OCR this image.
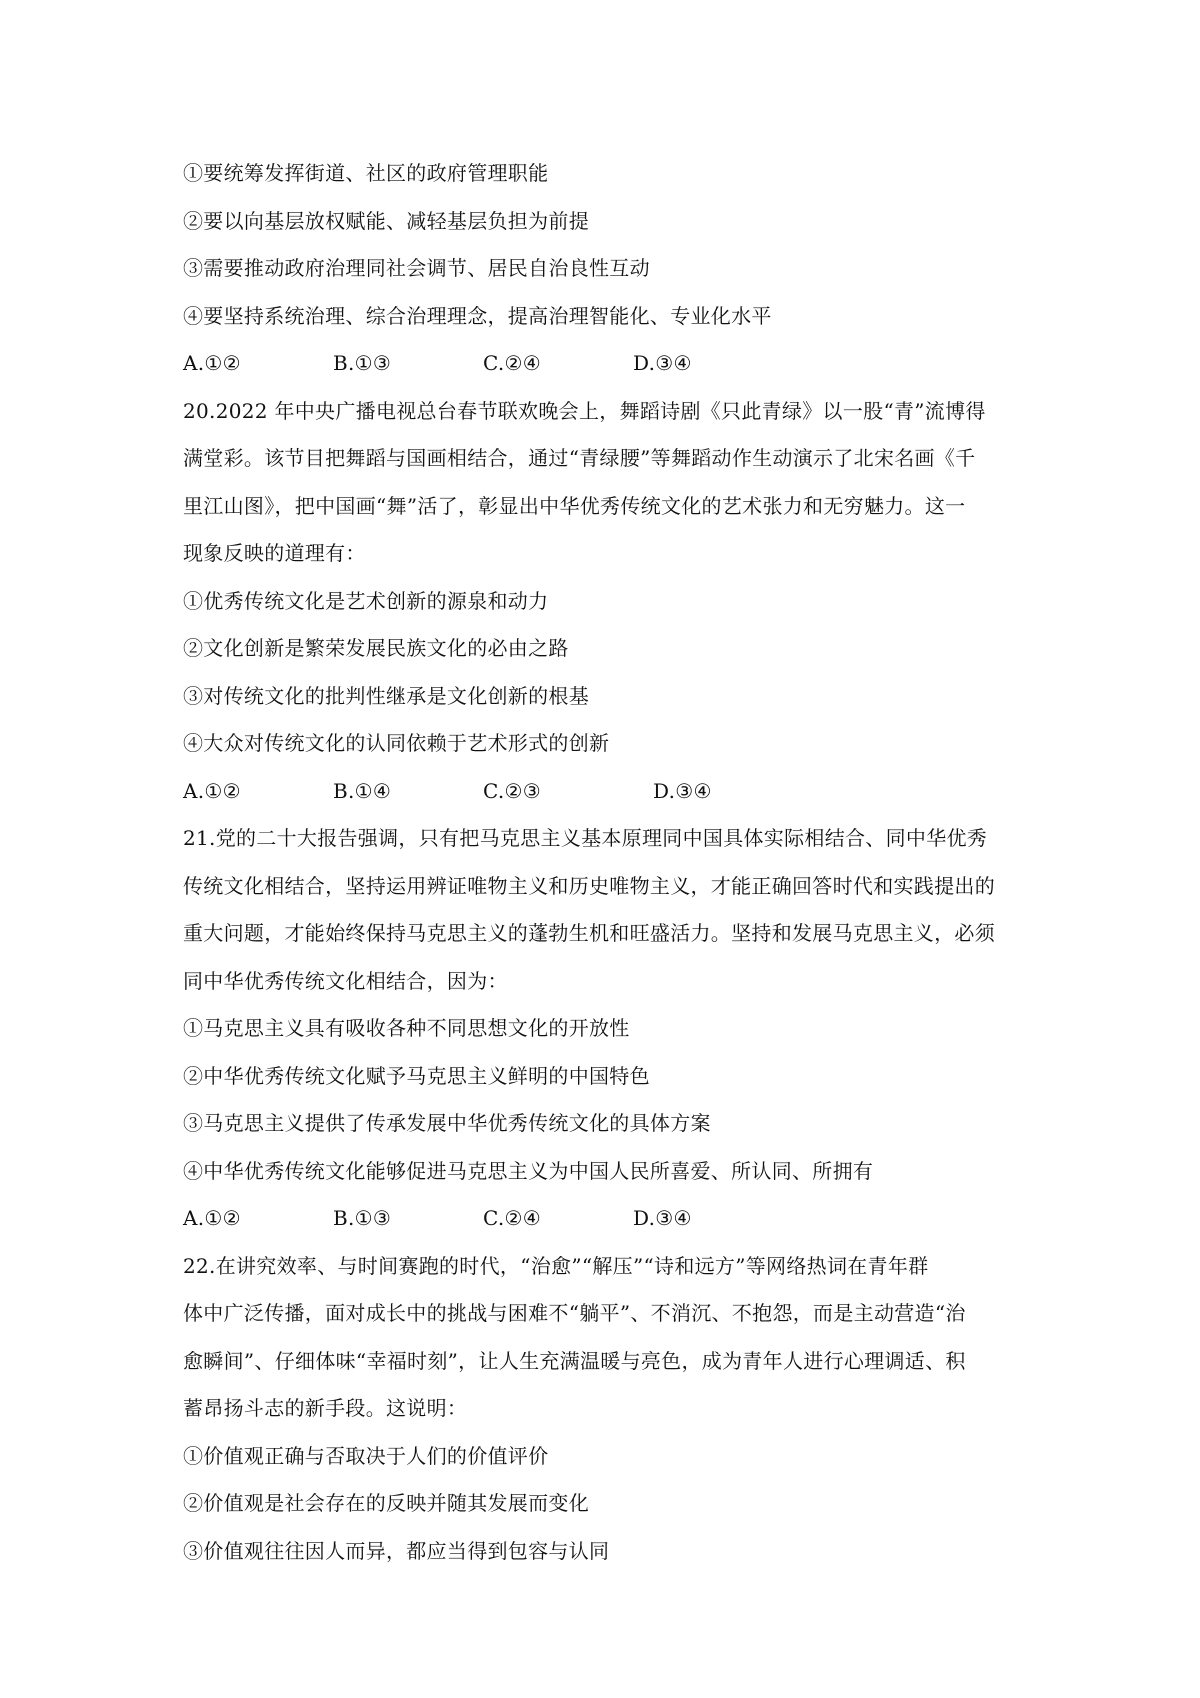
①要统筹发挥街道、社区的政府管理职能
②要以向基层放权赋能、减轻基层负担为前提
③需要推动政府治理同社会调节、居民自治良性互动
④要坚持系统治理、综合治理理念，提高治理智能化、专业化水平
A.①②	B.①③	C.②④	D.③④
20.2022 年中央广播电视总台春节联欢晚会上，舞蹈诗剧《只此青绿》以一股“青”流博得
满堂彩。该节目把舞蹈与国画相结合，通过“青绿腰”等舞蹈动作生动演示了北宋名画《千
里江山图》，把中国画“舞”活了，彰显出中华优秀传统文化的艺术张力和无穷魅力。这一
现象反映的道理有：
①优秀传统文化是艺术创新的源泉和动力
②文化创新是繁荣发展民族文化的必由之路
③对传统文化的批判性继承是文化创新的根基
④大众对传统文化的认同依赖于艺术形式的创新
A.①②	B.①④	C.②③	D.③④
21.党的二十大报告强调，只有把马克思主义基本原理同中国具体实际相结合、同中华优秀
传统文化相结合，坚持运用辨证唯物主义和历史唯物主义，才能正确回答时代和实践提出的
重大问题，才能始终保持马克思主义的蓬勃生机和旺盛活力。坚持和发展马克思主义，必须
同中华优秀传统文化相结合，因为：
①马克思主义具有吸收各种不同思想文化的开放性
②中华优秀传统文化赋予马克思主义鲜明的中国特色
③马克思主义提供了传承发展中华优秀传统文化的具体方案
④中华优秀传统文化能够促进马克思主义为中国人民所喜爱、所认同、所拥有
A.①②	B.①③	C.②④	D.③④
22.在讲究效率、与时间赛跑的时代，“治愈”“解压”“诗和远方”等网络热词在青年群
体中广泛传播，面对成长中的挑战与困难不“躺平”、不消沉、不抱怨，而是主动营造“治
愈瞬间”、仔细体味“幸福时刻”，让人生充满温暖与亮色，成为青年人进行心理调适、积
蓄昂扬斗志的新手段。这说明：
①价值观正确与否取决于人们的价值评价
②价值观是社会存在的反映并随其发展而变化
③价值观往往因人而异，都应当得到包容与认同
